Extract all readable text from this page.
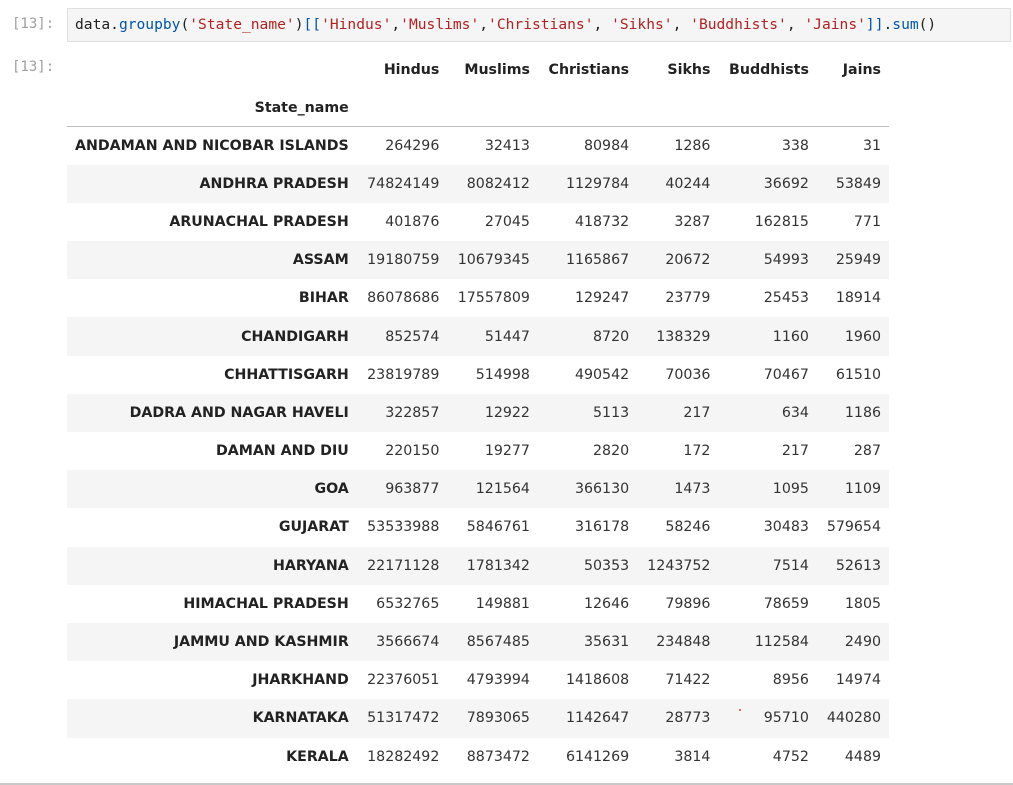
[13]:	data.groupby('State_name')[['Hindus','Muslims','Christians', 'Sikhs', 'Buddhists', 'Jains']].sum()
[13]:
		Hindus	Muslims	Christians	Sikhs	Buddhists	Jains
State_name						
ANDAMAN AND NICOBAR ISLANDS	264296	32413	80984	1286	338	31
ANDHRA PRADESH	74824149	8082412	1129784	40244	36692	53849
ARUNACHAL PRADESH	401876	27045	418732	3287	162815	771
ASSAM	19180759	10679345	1165867	20672	54993	25949
BIHAR	86078686	17557809	129247	23779	25453	18914
CHANDIGARH	852574	51447	8720	138329	1160	1960
CHHATTISGARH	23819789	514998	490542	70036	70467	61510
DADRA AND NAGAR HAVELI	322857	12922	5113	217	634	1186
DAMAN AND DIU	220150	19277	2820	172	217	287
GOA	963877	121564	366130	1473	1095	1109
GUJARAT	53533988	5846761	316178	58246	30483	579654
HARYANA	22171128	1781342	50353	1243752	7514	52613
HIMACHAL PRADESH	6532765	149881	12646	79896	78659	1805
JAMMU AND KASHMIR	3566674	8567485	35631	234848	112584	2490
JHARKHAND	22376051	4793994	1418608	71422	8956	14974
KARNATAKA	51317472	7893065	1142647	28773	95710	440280
KERALA	18282492	8873472	6141269	3814	4752	4489
